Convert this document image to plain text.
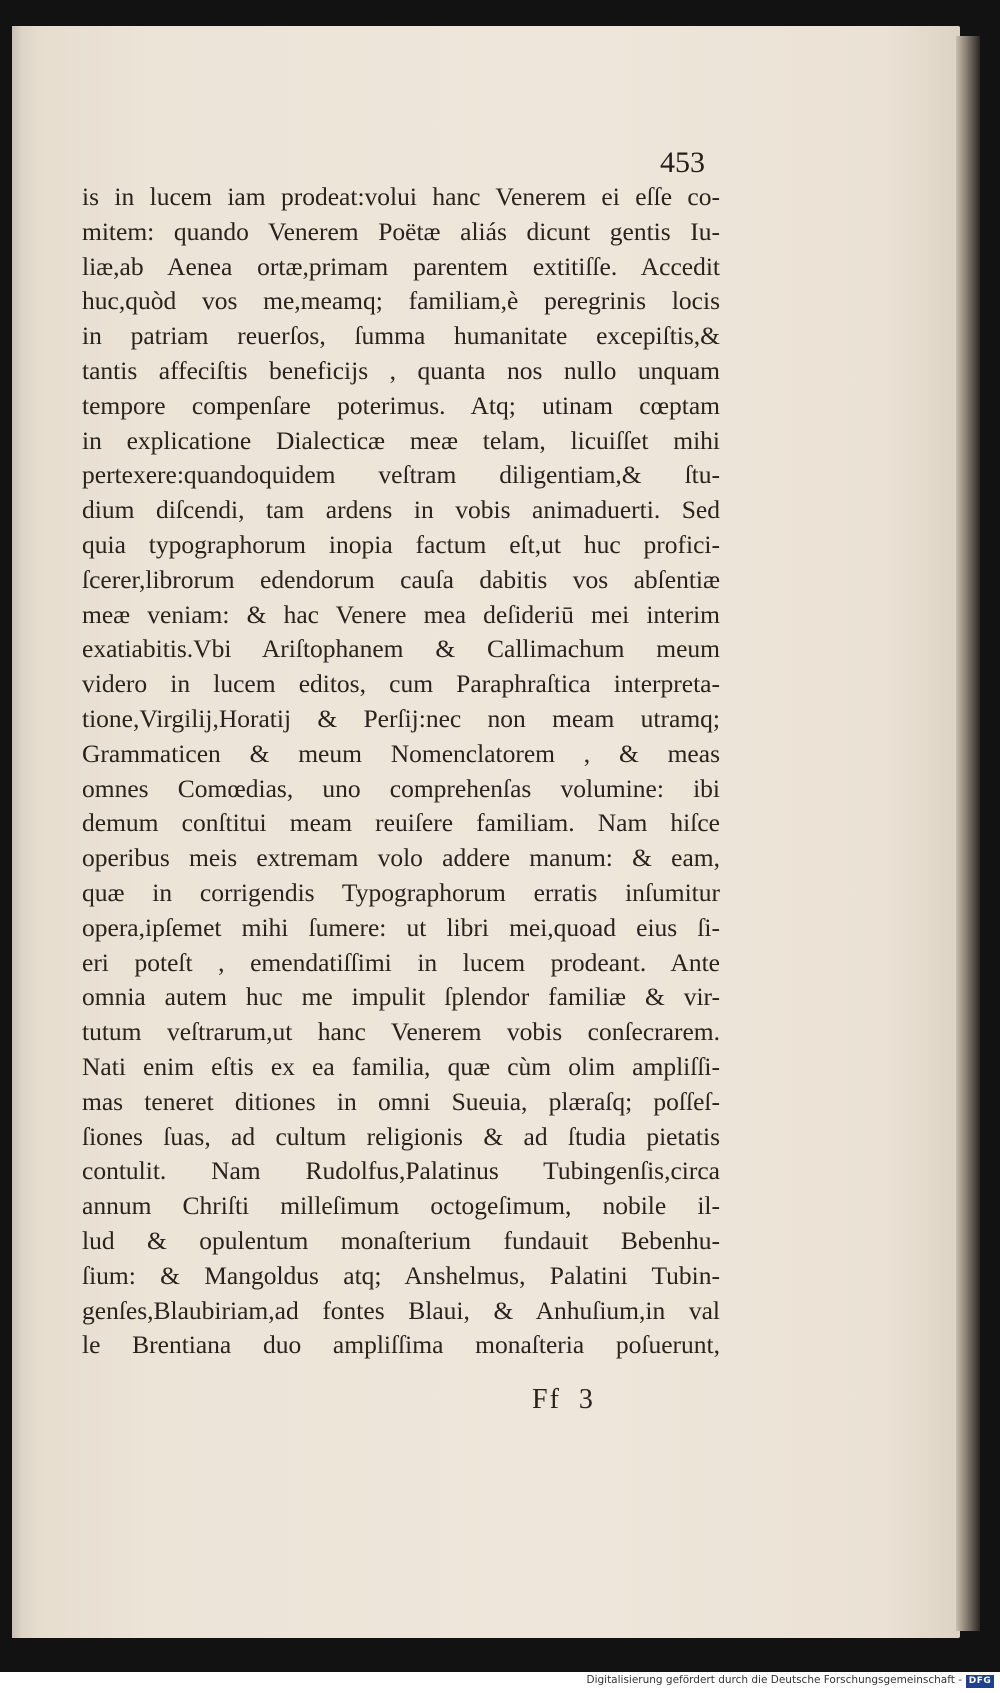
453
is in lucem iam prodeat:volui hanc Venerem ei eſſe co-
mitem: quando Venerem Poëtæ aliás dicunt gentis Iu-
liæ,ab Aenea ortæ,primam parentem extitiſſe. Accedit
huc,quòd vos me,meamq; familiam,è peregrinis locis
in patriam reuerſos, ſumma humanitate excepiſtis,&
tantis affeciſtis beneficijs , quanta nos nullo unquam
tempore compenſare poterimus. Atq; utinam cœptam
in explicatione Dialecticæ meæ telam, licuiſſet mihi
pertexere:quandoquidem veſtram diligentiam,& ſtu-
dium diſcendi, tam ardens in vobis animaduerti. Sed
quia typographorum inopia factum eſt,ut huc profici-
ſcerer,librorum edendorum cauſa dabitis vos abſentiæ
meæ veniam: & hac Venere mea deſideriū mei interim
exatiabitis.Vbi Ariſtophanem & Callimachum meum
videro in lucem editos, cum Paraphraſtica interpreta-
tione,Virgilij,Horatij & Perſij:nec non meam utramq;
Grammaticen & meum Nomenclatorem , & meas
omnes Comœdias, uno comprehenſas volumine: ibi
demum conſtitui meam reuiſere familiam. Nam hiſce
operibus meis extremam volo addere manum: & eam,
quæ in corrigendis Typographorum erratis inſumitur
opera,ipſemet mihi ſumere: ut libri mei,quoad eius ſi-
eri poteſt , emendatiſſimi in lucem prodeant. Ante
omnia autem huc me impulit ſplendor familiæ & vir-
tutum veſtrarum,ut hanc Venerem vobis conſecrarem.
Nati enim eſtis ex ea familia, quæ cùm olim ampliſſi-
mas teneret ditiones in omni Sueuia, plæraſq; poſſeſ-
ſiones ſuas, ad cultum religionis & ad ſtudia pietatis
contulit. Nam Rudolfus,Palatinus Tubingenſis,circa
annum Chriſti milleſimum octogeſimum, nobile il-
lud & opulentum monaſterium fundauit Bebenhu-
ſium: & Mangoldus atq; Anshelmus, Palatini Tubin-
genſes,Blaubiriam,ad fontes Blaui, & Anhuſium,in val
le Brentiana duo ampliſſima monaſteria poſuerunt,
Ff  3
Digitalisierung gefördert durch die Deutsche Forschungsgemeinschaft - DFG
